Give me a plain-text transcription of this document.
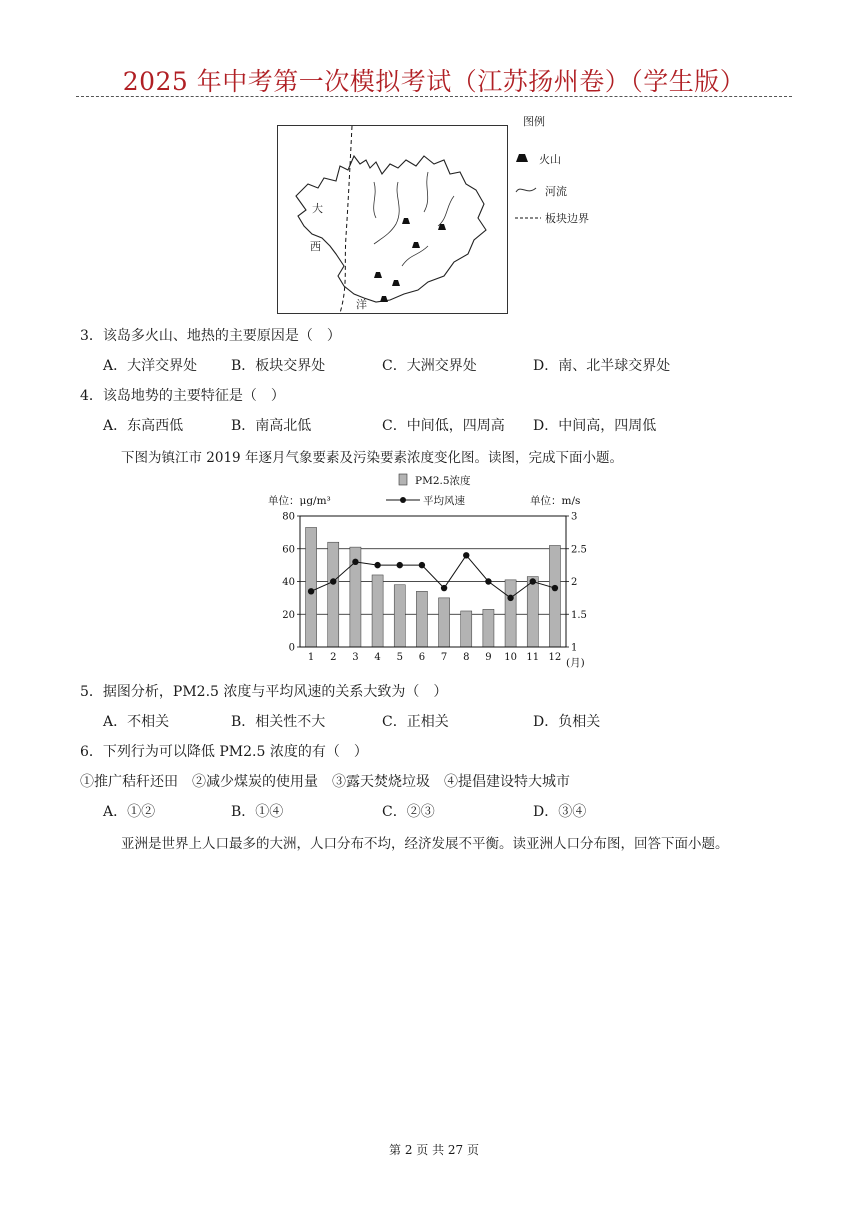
2025 年中考第一次模拟考试（江苏扬州卷）（学生版）
大
西
洋
图例
火山
河流
板块边界
3．该岛多火山、地热的主要原因是（　）
A．大洋交界处 B．板块交界处	C．大洲交界处	D．南、北半球交界处
4．该岛地势的主要特征是（　）
A．东高西低	B．南高北低	C．中间低，四周高 D．中间高，四周低
下图为镇江市 2019 年逐月气象要素及污染要素浓度变化图。读图，完成下面小题。
0
20
40
60
80
1
1.5
2
2.5
3
1 2 3 4 5 6 7 8 9 10 11 12
PM2.5浓度
平均风速
单位：μg/m³	单位：m/s
(月)
5．据图分析，PM2.5 浓度与平均风速的关系大致为（　）
A．不相关	B．相关性不大	C．正相关	D．负相关
6．下列行为可以降低 PM2.5 浓度的有（　）
①推广秸秆还田　②减少煤炭的使用量　③露天焚烧垃圾　④提倡建设特大城市
A．①②	B．①④	C．②③	D．③④
亚洲是世界上人口最多的大洲，人口分布不均，经济发展不平衡。读亚洲人口分布图，回答下面小题。
第 2 页 共 27 页
